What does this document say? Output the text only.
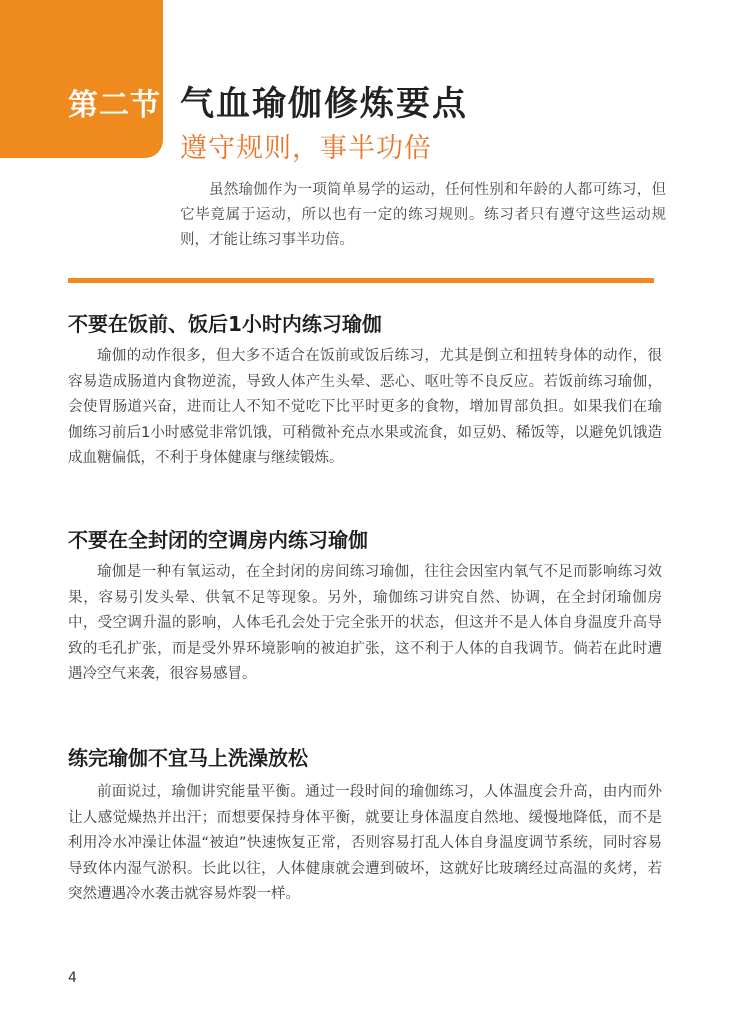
第二节 气血瑜伽修炼要点
遵守规则，事半功倍
虽然瑜伽作为一项简单易学的运动，任何性别和年龄的人都可练习，但它毕竟属于运动，所以也有一定的练习规则。练习者只有遵守这些运动规则，才能让练习事半功倍。
不要在饭前、饭后1小时内练习瑜伽
瑜伽的动作很多，但大多不适合在饭前或饭后练习，尤其是倒立和扭转身体的动作，很容易造成肠道内食物逆流，导致人体产生头晕、恶心、呕吐等不良反应。若饭前练习瑜伽，会使胃肠道兴奋，进而让人不知不觉吃下比平时更多的食物，增加胃部负担。如果我们在瑜伽练习前后1小时感觉非常饥饿，可稍微补充点水果或流食，如豆奶、稀饭等，以避免饥饿造成血糖偏低，不利于身体健康与继续锻炼。
不要在全封闭的空调房内练习瑜伽
瑜伽是一种有氧运动，在全封闭的房间练习瑜伽，往往会因室内氧气不足而影响练习效果，容易引发头晕、供氧不足等现象。另外，瑜伽练习讲究自然、协调，在全封闭瑜伽房中，受空调升温的影响，人体毛孔会处于完全张开的状态，但这并不是人体自身温度升高导致的毛孔扩张，而是受外界环境影响的被迫扩张，这不利于人体的自我调节。倘若在此时遭遇冷空气来袭，很容易感冒。
练完瑜伽不宜马上洗澡放松
前面说过，瑜伽讲究能量平衡。通过一段时间的瑜伽练习，人体温度会升高，由内而外让人感觉燥热并出汗；而想要保持身体平衡，就要让身体温度自然地、缓慢地降低，而不是利用冷水冲澡让体温“被迫”快速恢复正常，否则容易打乱人体自身温度调节系统，同时容易导致体内湿气淤积。长此以往，人体健康就会遭到破坏，这就好比玻璃经过高温的炙烤，若突然遭遇冷水袭击就容易炸裂一样。
4
